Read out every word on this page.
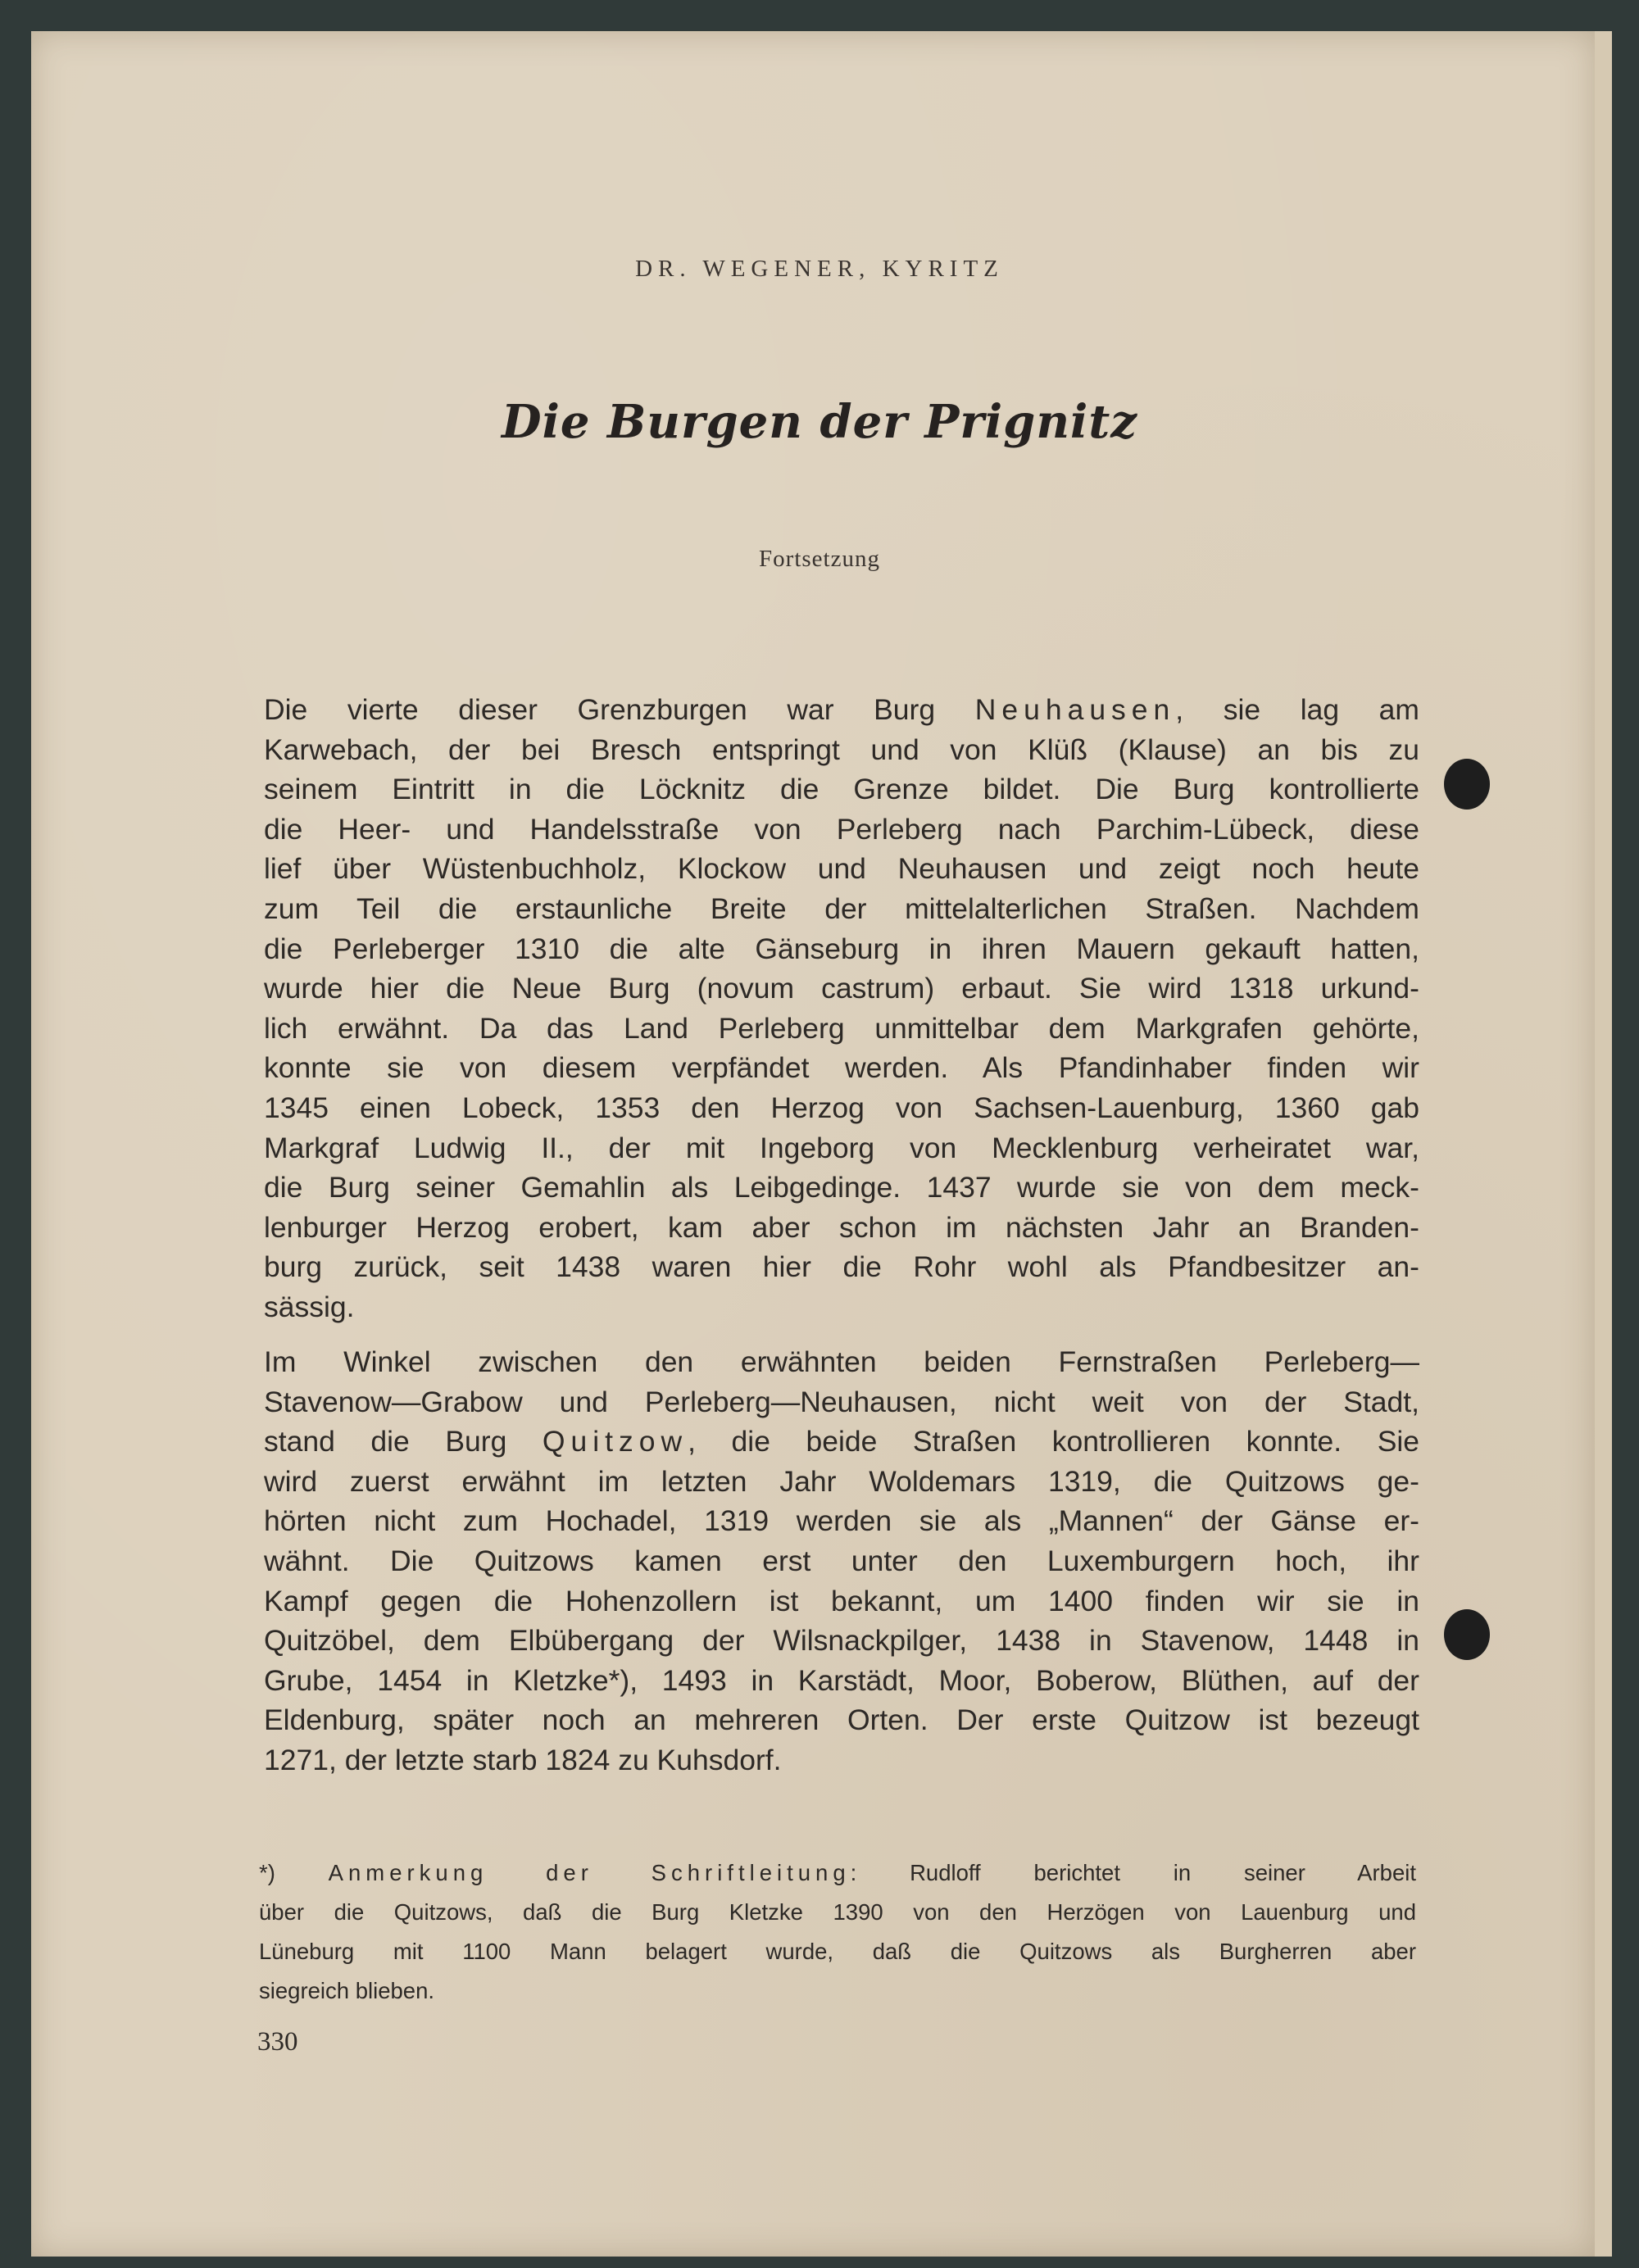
DR. WEGENER, KYRITZ
Die Burgen der Prignitz
Fortsetzung
Die vierte dieser Grenzburgen war Burg Neuhausen, sie lag am
Karwebach, der bei Bresch entspringt und von Klüß (Klause) an bis zu
seinem Eintritt in die Löcknitz die Grenze bildet. Die Burg kontrollierte
die Heer- und Handelsstraße von Perleberg nach Parchim-Lübeck, diese
lief über Wüstenbuchholz, Klockow und Neuhausen und zeigt noch heute
zum Teil die erstaunliche Breite der mittelalterlichen Straßen. Nachdem
die Perleberger 1310 die alte Gänseburg in ihren Mauern gekauft hatten,
wurde hier die Neue Burg (novum castrum) erbaut. Sie wird 1318 urkund-
lich erwähnt. Da das Land Perleberg unmittelbar dem Markgrafen gehörte,
konnte sie von diesem verpfändet werden. Als Pfandinhaber finden wir
1345 einen Lobeck, 1353 den Herzog von Sachsen-Lauenburg, 1360 gab
Markgraf Ludwig II., der mit Ingeborg von Mecklenburg verheiratet war,
die Burg seiner Gemahlin als Leibgedinge. 1437 wurde sie von dem meck-
lenburger Herzog erobert, kam aber schon im nächsten Jahr an Branden-
burg zurück, seit 1438 waren hier die Rohr wohl als Pfandbesitzer an-
sässig.
Im Winkel zwischen den erwähnten beiden Fernstraßen Perleberg—
Stavenow—Grabow und Perleberg—Neuhausen, nicht weit von der Stadt,
stand die Burg Quitzow, die beide Straßen kontrollieren konnte. Sie
wird zuerst erwähnt im letzten Jahr Woldemars 1319, die Quitzows ge-
hörten nicht zum Hochadel, 1319 werden sie als „Mannen“ der Gänse er-
wähnt. Die Quitzows kamen erst unter den Luxemburgern hoch, ihr
Kampf gegen die Hohenzollern ist bekannt, um 1400 finden wir sie in
Quitzöbel, dem Elbübergang der Wilsnackpilger, 1438 in Stavenow, 1448 in
Grube, 1454 in Kletzke*), 1493 in Karstädt, Moor, Boberow, Blüthen, auf der
Eldenburg, später noch an mehreren Orten. Der erste Quitzow ist bezeugt
1271, der letzte starb 1824 zu Kuhsdorf.
*) Anmerkung der Schriftleitung: Rudloff berichtet in seiner Arbeit
über die Quitzows, daß die Burg Kletzke 1390 von den Herzögen von Lauenburg und
Lüneburg mit 1100 Mann belagert wurde, daß die Quitzows als Burgherren aber
siegreich blieben.
330
